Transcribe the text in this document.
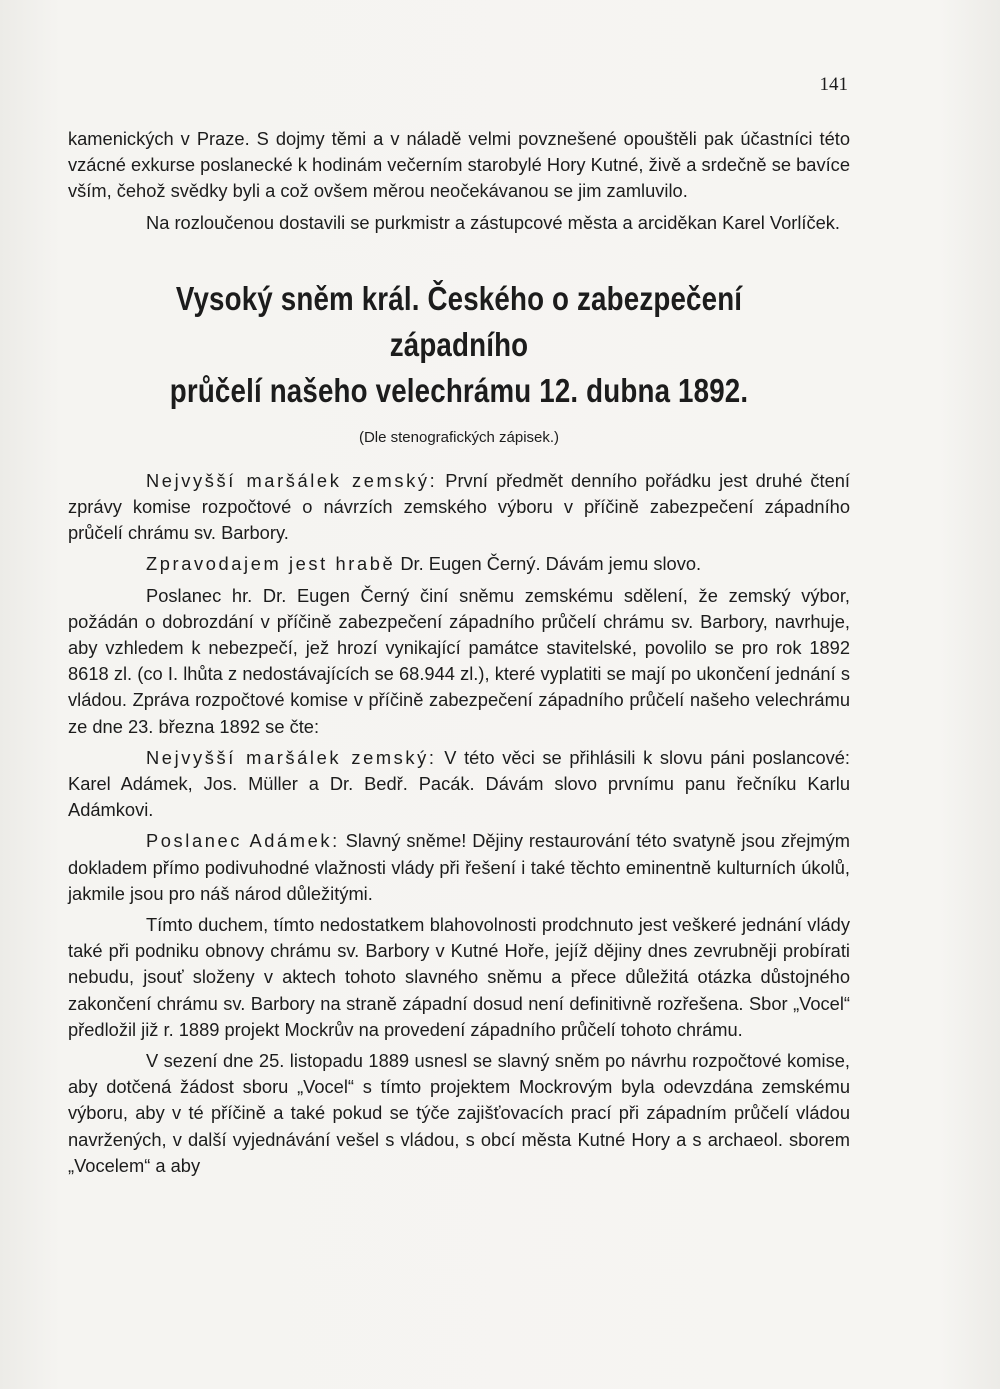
141

kamenických v Praze. S dojmy těmi a v náladě velmi povznešené opouštěli pak účastníci této vzácné exkurse poslanecké k hodinám večerním starobylé Hory Kutné, živě a srdečně se bavíce vším, čehož svědky byli a což ovšem měrou neočekávanou se jim zamluvilo.

Na rozloučenou dostavili se purkmistr a zástupcové města a arciděkan Karel Vorlíček.

Vysoký sněm král. Českého o zabezpečení západního
průčelí našeho velechrámu 12. dubna 1892.
(Dle stenografických zápisek.)

Nejvyšší maršálek zemský: První předmět denního pořádku jest druhé čtení zprávy komise rozpočtové o návrzích zemského výboru v příčině zabezpečení západního průčelí chrámu sv. Barbory.

Zpravodajem jest hrabě Dr. Eugen Černý. Dávám jemu slovo.

Poslanec hr. Dr. Eugen Černý činí sněmu zemskému sdělení, že zemský výbor, požádán o dobrozdání v příčině zabezpečení západního průčelí chrámu sv. Barbory, navrhuje, aby vzhledem k nebezpečí, jež hrozí vynikající památce stavitelské, povolilo se pro rok 1892 8618 zl. (co I. lhůta z nedostávajících se 68.944 zl.), které vyplatiti se mají po ukončení jednání s vládou. Zpráva rozpočtové komise v příčině zabezpečení západního průčelí našeho velechrámu ze dne 23. března 1892 se čte:

Nejvyšší maršálek zemský: V této věci se přihlásili k slovu páni poslancové: Karel Adámek, Jos. Müller a Dr. Bedř. Pacák. Dávám slovo prvnímu panu řečníku Karlu Adámkovi.

Poslanec Adámek: Slavný sněme! Dějiny restaurování této svatyně jsou zřejmým dokladem přímo podivuhodné vlažnosti vlády při řešení i také těchto eminentně kulturních úkolů, jakmile jsou pro náš národ důležitými.

Tímto duchem, tímto nedostatkem blahovolnosti prodchnuto jest veškeré jednání vlády také při podniku obnovy chrámu sv. Barbory v Kutné Hoře, jejíž dějiny dnes zevrubněji probírati nebudu, jsouť složeny v aktech tohoto slavného sněmu a přece důležitá otázka důstojného zakončení chrámu sv. Barbory na straně západní dosud není definitivně rozřešena. Sbor „Vocel“ předložil již r. 1889 projekt Mockrův na provedení západního průčelí tohoto chrámu.

V sezení dne 25. listopadu 1889 usnesl se slavný sněm po návrhu rozpočtové komise, aby dotčená žádost sboru „Vocel“ s tímto projektem Mockrovým byla odevzdána zemskému výboru, aby v té příčině a také pokud se týče zajišťovacích prací při západním průčelí vládou navržených, v další vyjednávání vešel s vládou, s obcí města Kutné Hory a s archaeol. sborem „Vocelem“ a aby
